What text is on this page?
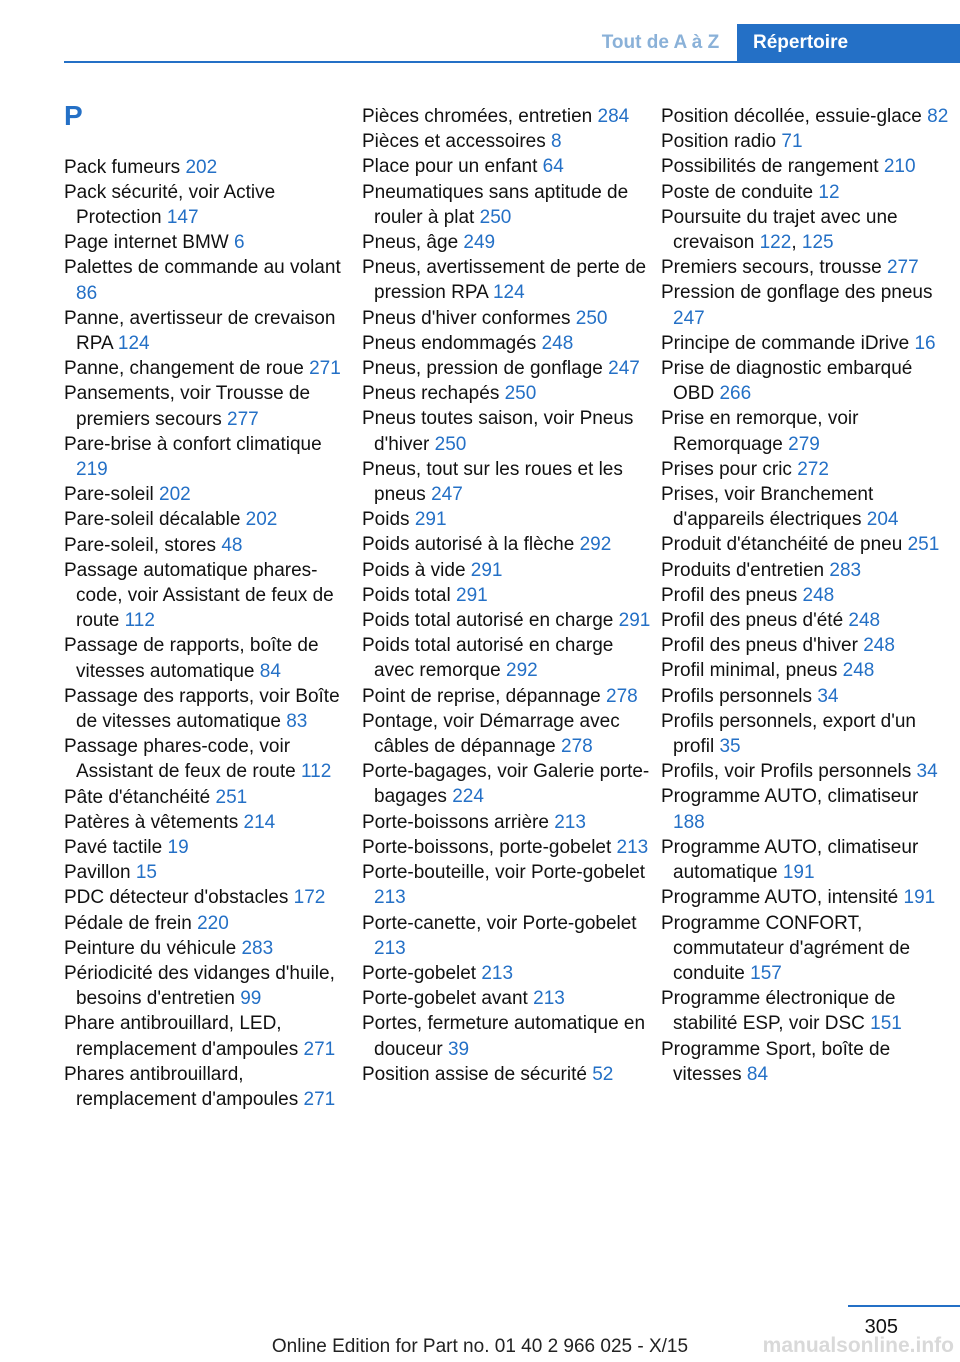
Tout de A à Z	Répertoire
P
Pack fumeurs 202
Pack sécurité, voir Active Protection 147
Page internet BMW 6
Palettes de commande au volant 86
Panne, avertisseur de crevaison RPA 124
Panne, changement de roue 271
Pansements, voir Trousse de premiers secours 277
Pare-brise à confort climatique 219
Pare-soleil 202
Pare-soleil décalable 202
Pare-soleil, stores 48
Passage automatique phares-code, voir Assistant de feux de route 112
Passage de rapports, boîte de vitesses automatique 84
Passage des rapports, voir Boîte de vitesses automatique 83
Passage phares-code, voir Assistant de feux de route 112
Pâte d'étanchéité 251
Patères à vêtements 214
Pavé tactile 19
Pavillon 15
PDC détecteur d'obstacles 172
Pédale de frein 220
Peinture du véhicule 283
Périodicité des vidanges d'huile, besoins d'entretien 99
Phare antibrouillard, LED, remplacement d'ampoules 271
Phares antibrouillard, remplacement d'ampoules 271
Pièces chromées, entretien 284
Pièces et accessoires 8
Place pour un enfant 64
Pneumatiques sans aptitude de rouler à plat 250
Pneus, âge 249
Pneus, avertissement de perte de pression RPA 124
Pneus d'hiver conformes 250
Pneus endommagés 248
Pneus, pression de gonflage 247
Pneus rechapés 250
Pneus toutes saison, voir Pneus d'hiver 250
Pneus, tout sur les roues et les pneus 247
Poids 291
Poids autorisé à la flèche 292
Poids à vide 291
Poids total 291
Poids total autorisé en charge 291
Poids total autorisé en charge avec remorque 292
Point de reprise, dépannage 278
Pontage, voir Démarrage avec câbles de dépannage 278
Porte-bagages, voir Galerie porte-bagages 224
Porte-boissons arrière 213
Porte-boissons, porte-gobelet 213
Porte-bouteille, voir Porte-gobelet 213
Porte-canette, voir Porte-gobelet 213
Porte-gobelet 213
Porte-gobelet avant 213
Portes, fermeture automatique en douceur 39
Position assise de sécurité 52
Position décollée, essuie-glace 82
Position radio 71
Possibilités de rangement 210
Poste de conduite 12
Poursuite du trajet avec une crevaison 122, 125
Premiers secours, trousse 277
Pression de gonflage des pneus 247
Principe de commande iDrive 16
Prise de diagnostic embarqué OBD 266
Prise en remorque, voir Remorquage 279
Prises pour cric 272
Prises, voir Branchement d'appareils électriques 204
Produit d'étanchéité de pneu 251
Produits d'entretien 283
Profil des pneus 248
Profil des pneus d'été 248
Profil des pneus d'hiver 248
Profil minimal, pneus 248
Profils personnels 34
Profils personnels, export d'un profil 35
Profils, voir Profils personnels 34
Programme AUTO, climatiseur 188
Programme AUTO, climatiseur automatique 191
Programme AUTO, intensité 191
Programme CONFORT, commutateur d'agrément de conduite 157
Programme électronique de stabilité ESP, voir DSC 151
Programme Sport, boîte de vitesses 84
305
Online Edition for Part no. 01 40 2 966 025 - X/15	manualsonline.info
